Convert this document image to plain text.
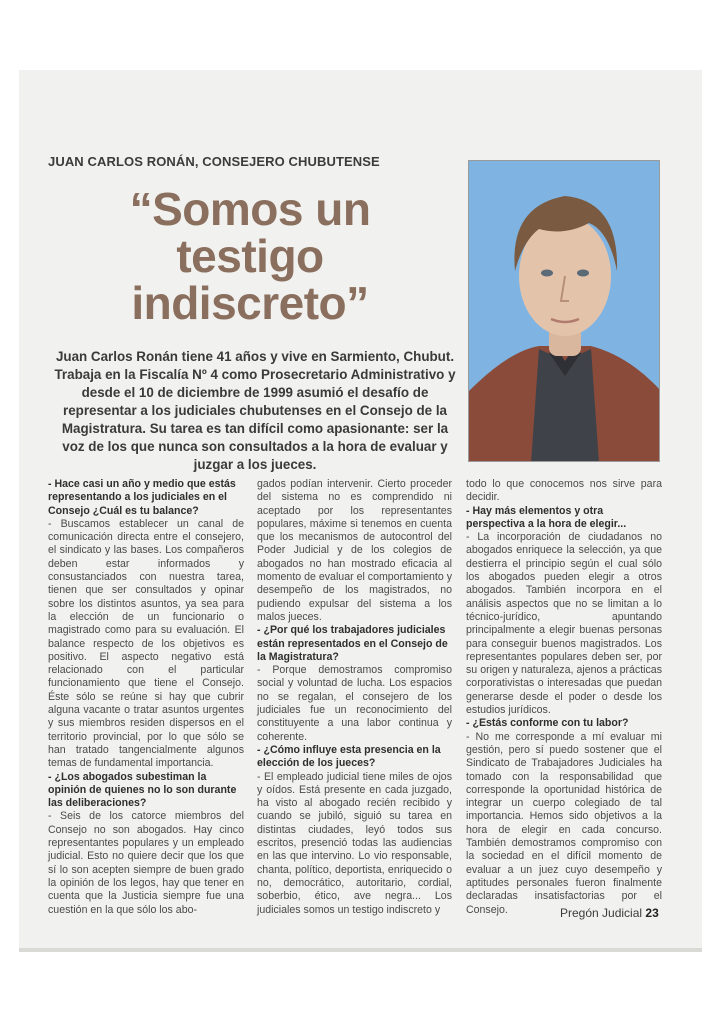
JUAN CARLOS RONÁN, CONSEJERO CHUBUTENSE
“Somos un
testigo
indiscreto”
Juan Carlos Ronán tiene 41 años y vive en Sarmiento, Chubut. Trabaja en la Fiscalía Nº 4 como Prosecretario Administrativo y desde el 10 de diciembre de 1999 asumió el desafío de representar a los judiciales chubutenses en el Consejo de la Magistratura. Su tarea es tan difícil como apasionante: ser la voz de los que nunca son consultados a la hora de evaluar y juzgar a los jueces.

- Hace casi un año y medio que estás representando a los judiciales en el Consejo ¿Cuál es tu balance?

- Buscamos establecer un canal de comunicación directa entre el consejero, el sindicato y las bases. Los compañeros deben estar informados y consustanciados con nuestra tarea, tienen que ser consultados y opinar sobre los distintos asuntos, ya sea para la elección de un funcionario o magistrado como para su evaluación. El balance respecto de los objetivos es positivo. El aspecto negativo está relacionado con el particular funcionamiento que tiene el Consejo. Éste sólo se reúne si hay que cubrir alguna vacante o tratar asuntos urgentes y sus miembros residen dispersos en el territorio provincial, por lo que sólo se han tratado tangencialmente algunos temas de fundamental importancia.

- ¿Los abogados subestiman la opinión de quienes no lo son durante las deliberaciones?

- Seis de los catorce miembros del Consejo no son abogados. Hay cinco representantes populares y un empleado judicial. Esto no quiere decir que los que sí lo son acepten siempre de buen grado la opinión de los legos, hay que tener en cuenta que la Justicia siempre fue una cuestión en la que sólo los abo-

gados podían intervenir. Cierto proceder del sistema no es comprendido ni aceptado por los representantes populares, máxime si tenemos en cuenta que los mecanismos de autocontrol del Poder Judicial y de los colegios de abogados no han mostrado eficacia al momento de evaluar el comportamiento y desempeño de los magistrados, no pudiendo expulsar del sistema a los malos jueces.

- ¿Por qué los trabajadores judiciales están representados en el Consejo de la Magistratura?

- Porque demostramos compromiso social y voluntad de lucha. Los espacios no se regalan, el consejero de los judiciales fue un reconocimiento del constituyente a una labor continua y coherente.

- ¿Cómo influye esta presencia en la elección de los jueces?

- El empleado judicial tiene miles de ojos y oídos. Está presente en cada juzgado, ha visto al abogado recién recibido y cuando se jubiló, siguió su tarea en distintas ciudades, leyó todos sus escritos, presenció todas las audiencias en las que intervino. Lo vio responsable, chanta, político, deportista, enriquecido o no, democrático, autoritario, cordial, soberbio, ético, ave negra... Los judiciales somos un testigo indiscreto y

todo lo que conocemos nos sirve para decidir.

- Hay más elementos y otra perspectiva a la hora de elegir...

- La incorporación de ciudadanos no abogados enriquece la selección, ya que destierra el principio según el cual sólo los abogados pueden elegir a otros abogados. También incorpora en el análisis aspectos que no se limitan a lo técnico-jurídico, apuntando principalmente a elegir buenas personas para conseguir buenos magistrados. Los representantes populares deben ser, por su origen y naturaleza, ajenos a prácticas corporativistas o interesadas que puedan generarse desde el poder o desde los estudios jurídicos.

- ¿Estás conforme con tu labor?

- No me corresponde a mí evaluar mi gestión, pero sí puedo sostener que el Sindicato de Trabajadores Judiciales ha tomado con la responsabilidad que corresponde la oportunidad histórica de integrar un cuerpo colegiado de tal importancia. Hemos sido objetivos a la hora de elegir en cada concurso. También demostramos compromiso con la sociedad en el difícil momento de evaluar a un juez cuyo desempeño y aptitudes personales fueron finalmente declaradas insatisfactorias por el Consejo.	Pregón Judicial 23
